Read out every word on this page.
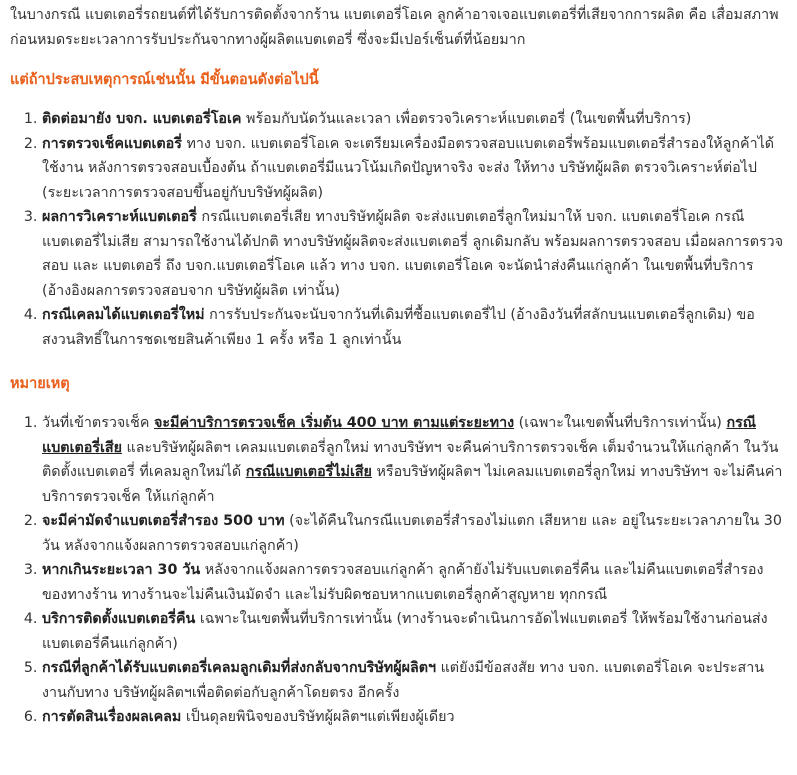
ในบางกรณี แบตเตอรี่รถยนต์ที่ได้รับการติดตั้งจากร้าน แบตเตอรี่โอเค ลูกค้าอาจเจอแบตเตอรี่ที่เสียจากการผลิต คือ เสื่อมสภาพก่อนหมดระยะเวลาการรับประกันจากทางผู้ผลิตแบตเตอรี่ ซึ่งจะมีเปอร์เซ็นต์ที่น้อยมาก

แต่ถ้าประสบเหตุการณ์เช่นนั้น มีขั้นตอนดังต่อไปนี้
1. ติดต่อมายัง บจก. แบตเตอรี่โอเค พร้อมกับนัดวันและเวลา เพื่อตรวจวิเคราะห์แบตเตอรี่ (ในเขตพื้นที่บริการ)
2. การตรวจเช็คแบตเตอรี่ ทาง บจก. แบตเตอรี่โอเค จะเตรียมเครื่องมือตรวจสอบแบตเตอรี่พร้อมแบตเตอรี่สำรองให้ลูกค้าได้ใช้งาน หลังการตรวจสอบเบื้องต้น ถ้าแบตเตอรี่มีแนวโน้มเกิดปัญหาจริง จะส่ง ให้ทาง บริษัทผู้ผลิต ตรวจวิเคราะห์ต่อไป (ระยะเวลาการตรวจสอบขึ้นอยู่กับบริษัทผู้ผลิต)
3. ผลการวิเคราะห์แบตเตอรี่ กรณีแบตเตอรี่เสีย ทางบริษัทผู้ผลิต จะส่งแบตเตอรี่ลูกใหม่มาให้ บจก. แบตเตอรี่โอเค กรณีแบตเตอรี่ไม่เสีย สามารถใช้งานได้ปกติ ทางบริษัทผู้ผลิตจะส่งแบตเตอรี่ ลูกเดิมกลับ พร้อมผลการตรวจสอบ เมื่อผลการตรวจสอบ และ แบตเตอรี่ ถึง บจก.แบตเตอรี่โอเค แล้ว ทาง บจก. แบตเตอรี่โอเค จะนัดนำส่งคืนแก่ลูกค้า ในเขตพื้นที่บริการ (อ้างอิงผลการตรวจสอบจาก บริษัทผู้ผลิต เท่านั้น)
4. กรณีเคลมได้แบตเตอรี่ใหม่ การรับประกันจะนับจากวันที่เดิมที่ซื้อแบตเตอรี่ไป (อ้างอิงวันที่สลักบนแบตเตอรี่ลูกเดิม) ขอสงวนสิทธิ์ในการชดเชยสินค้าเพียง 1 ครั้ง หรือ 1 ลูกเท่านั้น
หมายเหตุ
1. วันที่เข้าตรวจเช็ค จะมีค่าบริการตรวจเช็ค เริ่มต้น 400 บาท ตามแต่ระยะทาง (เฉพาะในเขตพื้นที่บริการเท่านั้น) กรณีแบตเตอรี่เสีย และบริษัทผู้ผลิตฯ เคลมแบตเตอรี่ลูกใหม่ ทางบริษัทฯ จะคืนค่าบริการตรวจเช็ค เต็มจำนวนให้แก่ลูกค้า ในวันติดตั้งแบตเตอรี่ ที่เคลมลูกใหม่ได้ กรณีแบตเตอรี่ไม่เสีย หรือบริษัทผู้ผลิตฯ ไม่เคลมแบตเตอรี่ลูกใหม่ ทางบริษัทฯ จะไม่คืนค่าบริการตรวจเช็ค ให้แก่ลูกค้า
2. จะมีค่ามัดจำแบตเตอรี่สำรอง 500 บาท (จะได้คืนในกรณีแบตเตอรี่สำรองไม่แตก เสียหาย และ อยู่ในระยะเวลาภายใน 30 วัน หลังจากแจ้งผลการตรวจสอบแก่ลูกค้า)
3. หากเกินระยะเวลา 30 วัน หลังจากแจ้งผลการตรวจสอบแก่ลูกค้า ลูกค้ายังไม่รับแบตเตอรี่คืน และไม่คืนแบตเตอรี่สำรองของทางร้าน ทางร้านจะไม่คืนเงินมัดจำ และไม่รับผิดชอบหากแบตเตอรี่ลูกค้าสูญหาย ทุกกรณี
4. บริการติดตั้งแบตเตอรี่คืน เฉพาะในเขตพื้นที่บริการเท่านั้น (ทางร้านจะดำเนินการอัดไฟแบตเตอรี่ ให้พร้อมใช้งานก่อนส่งแบตเตอรี่คืนแก่ลูกค้า)
5. กรณีที่ลูกค้าได้รับแบตเตอรี่เคลมลูกเดิมที่ส่งกลับจากบริษัทผู้ผลิตฯ แต่ยังมีข้อสงสัย ทาง บจก. แบตเตอรี่โอเค จะประสานงานกับทาง บริษัทผู้ผลิตฯเพื่อติดต่อกับลูกค้าโดยตรง อีกครั้ง
6. การตัดสินเรื่องผลเคลม เป็นดุลยพินิจของบริษัทผู้ผลิตฯแต่เพียงผู้เดียว
